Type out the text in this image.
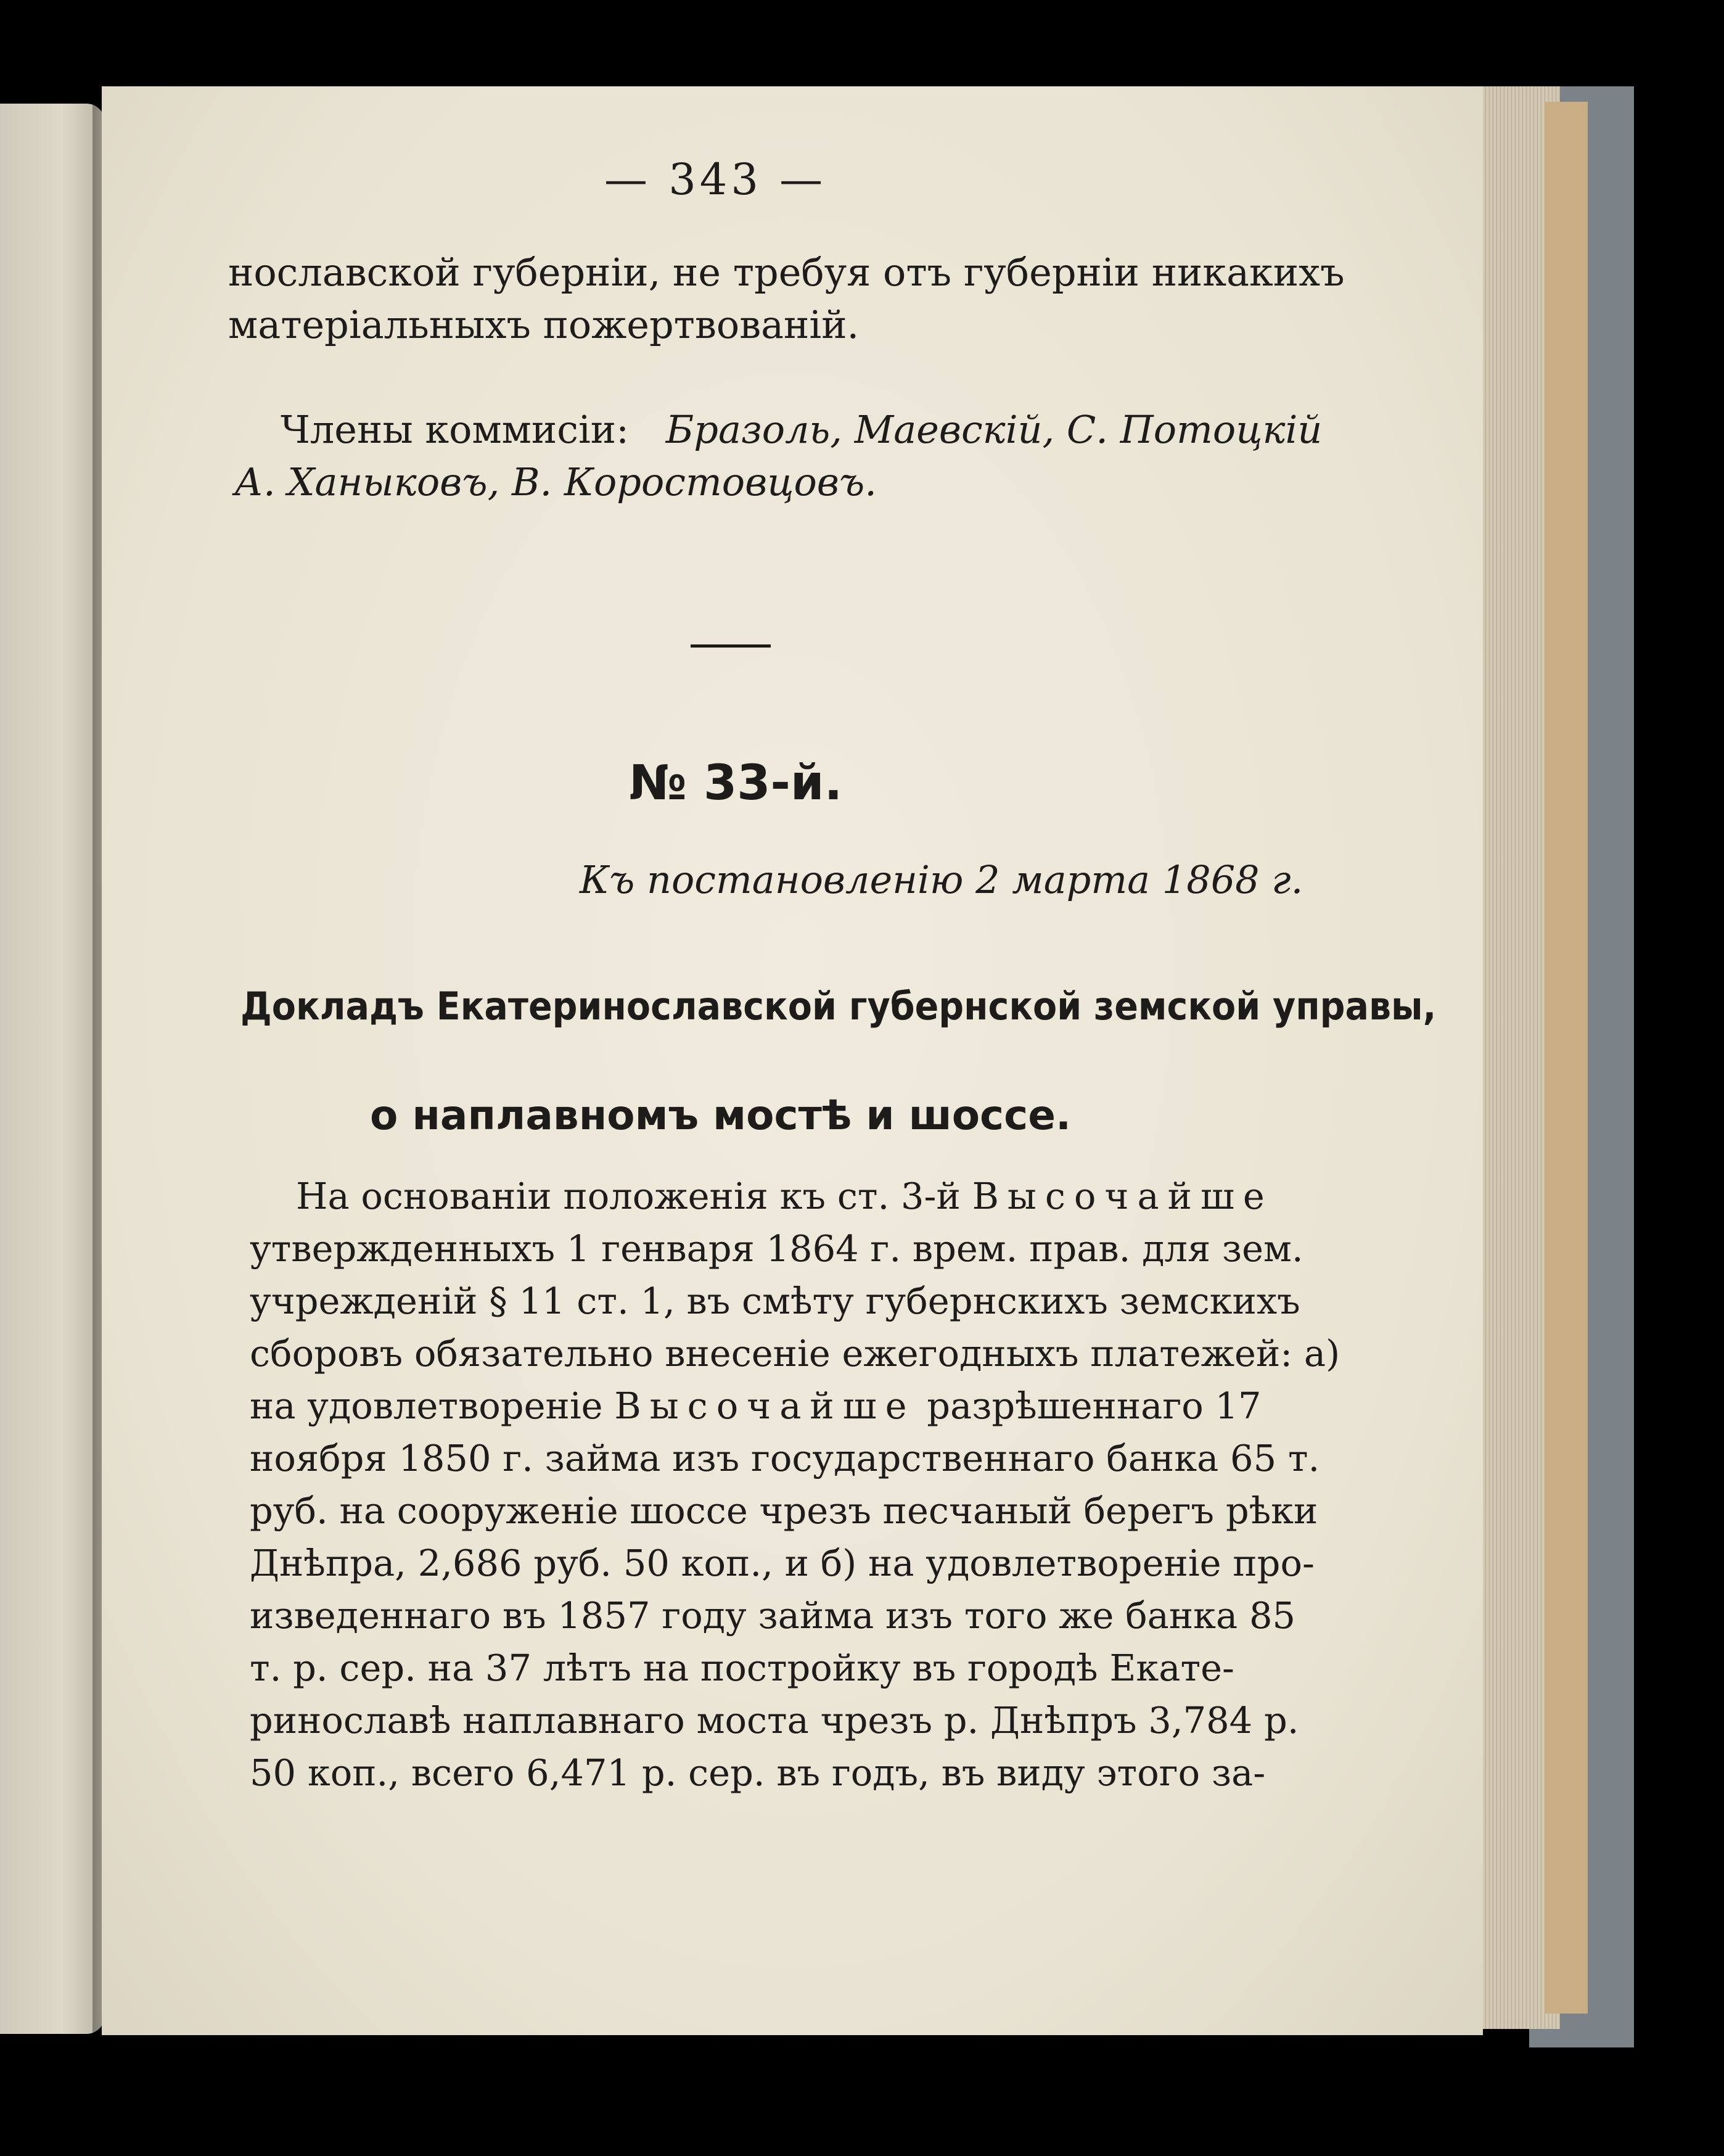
— 343 —
нославской губерніи, не требуя отъ губерніи никакихъ
матеріальныхъ пожертвованій.
Члены коммисіи: Бразоль, Маевскій, С. Потоцкій
А. Ханыковъ, В. Коростовцовъ.
№ 33-й.
Къ постановленію 2 марта 1868 г.
Докладъ Екатеринославской губернской земской управы,
о наплавномъ мостѣ и шоссе.
На основаніи положенія къ ст. 3-й Высочайше
утвержденныхъ 1 генваря 1864 г. врем. прав. для зем.
учрежденій § 11 ст. 1, въ смѣту губернскихъ земскихъ
сборовъ обязательно внесеніе ежегодныхъ платежей: а)
на удовлетвореніе Высочайше разрѣшеннаго 17
ноября 1850 г. займа изъ государственнаго банка 65 т.
руб. на сооруженіе шоссе чрезъ песчаный берегъ рѣки
Днѣпра, 2,686 руб. 50 коп., и б) на удовлетвореніе про-
изведеннаго въ 1857 году займа изъ того же банка 85
т. р. сер. на 37 лѣтъ на постройку въ городѣ Екате-
ринославѣ наплавнаго моста чрезъ р. Днѣпръ 3,784 р.
50 коп., всего 6,471 р. сер. въ годъ, въ виду этого за-
